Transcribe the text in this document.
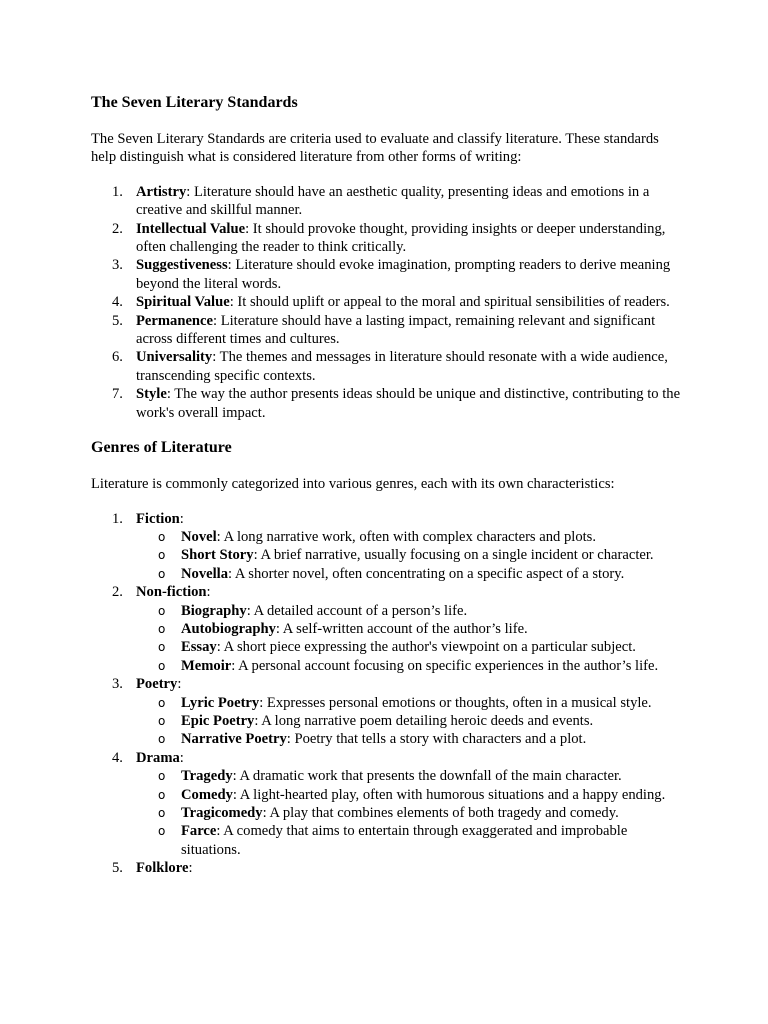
The Seven Literary Standards

The Seven Literary Standards are criteria used to evaluate and classify literature. These standards help distinguish what is considered literature from other forms of writing:

1. Artistry: Literature should have an aesthetic quality, presenting ideas and emotions in a creative and skillful manner.
2. Intellectual Value: It should provoke thought, providing insights or deeper understanding, often challenging the reader to think critically.
3. Suggestiveness: Literature should evoke imagination, prompting readers to derive meaning beyond the literal words.
4. Spiritual Value: It should uplift or appeal to the moral and spiritual sensibilities of readers.
5. Permanence: Literature should have a lasting impact, remaining relevant and significant across different times and cultures.
6. Universality: The themes and messages in literature should resonate with a wide audience, transcending specific contexts.
7. Style: The way the author presents ideas should be unique and distinctive, contributing to the work's overall impact.
Genres of Literature

Literature is commonly categorized into various genres, each with its own characteristics:

1. Fiction:
o Novel: A long narrative work, often with complex characters and plots.
o Short Story: A brief narrative, usually focusing on a single incident or character.
o Novella: A shorter novel, often concentrating on a specific aspect of a story.
2. Non-fiction:
o Biography: A detailed account of a person’s life.
o Autobiography: A self-written account of the author’s life.
o Essay: A short piece expressing the author's viewpoint on a particular subject.
o Memoir: A personal account focusing on specific experiences in the author’s life.
3. Poetry:
o Lyric Poetry: Expresses personal emotions or thoughts, often in a musical style.
o Epic Poetry: A long narrative poem detailing heroic deeds and events.
o Narrative Poetry: Poetry that tells a story with characters and a plot.
4. Drama:
o Tragedy: A dramatic work that presents the downfall of the main character.
o Comedy: A light-hearted play, often with humorous situations and a happy ending.
o Tragicomedy: A play that combines elements of both tragedy and comedy.
o Farce: A comedy that aims to entertain through exaggerated and improbable situations.
5. Folklore:
